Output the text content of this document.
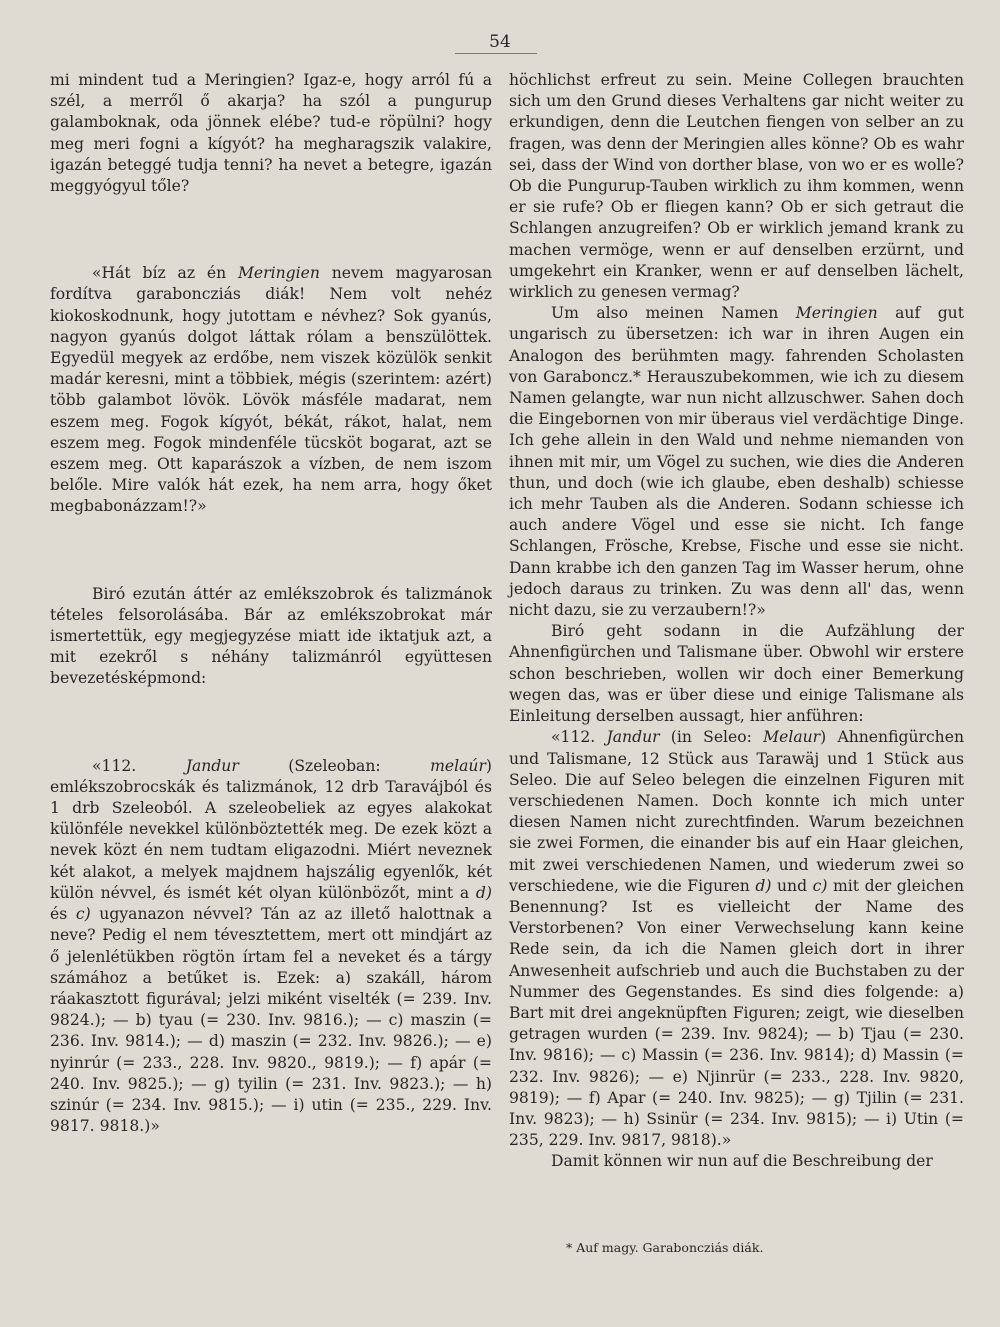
54

mi mindent tud a Meringien? Igaz-e, hogy arról fú a szél, a merről ő akarja? ha szól a pungurup galamboknak, oda jönnek elébe? tud-e röpülni? hogy meg meri fogni a kígyót? ha megharagszik valakire, igazán beteggé tudja tenni? ha nevet a betegre, igazán meggyógyul tőle?

«Hát bíz az én Meringien nevem magyarosan fordítva garaboncziás diák! Nem volt nehéz kiokoskodnunk, hogy jutottam e névhez? Sok gyanús, nagyon gyanús dolgot láttak rólam a benszülöttek. Egyedül megyek az erdőbe, nem viszek közülök senkit madár keresni, mint a többiek, mégis (szerintem: azért) több galambot lövök. Lövök másféle madarat, nem eszem meg. Fogok kígyót, békát, rákot, halat, nem eszem meg. Fogok mindenféle tücsköt bogarat, azt se eszem meg. Ott kaparászok a vízben, de nem iszom belőle. Mire valók hát ezek, ha nem arra, hogy őket megbabonázzam!?»

Biró ezután áttér az emlékszobrok és talizmánok tételes felsorolásába. Bár az emlékszobrokat már ismertettük, egy megjegyzése miatt ide iktatjuk azt, a mit ezekről s néhány talizmánról együttesen bevezetésképmond:

«112. Jandur (Szeleoban: melaúr) emlékszobrocskák és talizmánok, 12 drb Taravájból és 1 drb Szeleoból. A szeleobeliek az egyes alakokat különféle nevekkel különböztették meg. De ezek közt a nevek közt én nem tudtam eligazodni. Miért neveznek két alakot, a melyek majdnem hajszálig egyenlők, két külön névvel, és ismét két olyan különbözőt, mint a d) és c) ugyanazon névvel? Tán az az illető halottnak a neve? Pedig el nem tévesztettem, mert ott mindjárt az ő jelenlétükben rögtön írtam fel a neveket és a tárgy számához a betűket is. Ezek: a) szakáll, három ráakasztott figurával; jelzi miként viselték (= 239. Inv. 9824.); — b) tyau (= 230. Inv. 9816.); — c) maszin (= 236. Inv. 9814.); — d) maszin (= 232. Inv. 9826.); — e) nyinrúr (= 233., 228. Inv. 9820., 9819.); — f) apár (= 240. Inv. 9825.); — g) tyilin (= 231. Inv. 9823.); — h) szinúr (= 234. Inv. 9815.); — i) utin (= 235., 229. Inv. 9817. 9818.)»

höchlichst erfreut zu sein. Meine Collegen brauchten sich um den Grund dieses Verhaltens gar nicht weiter zu erkundigen, denn die Leutchen fiengen von selber an zu fragen, was denn der Meringien alles könne? Ob es wahr sei, dass der Wind von dorther blase, von wo er es wolle? Ob die Pungurup-Tauben wirklich zu ihm kommen, wenn er sie rufe? Ob er fliegen kann? Ob er sich getraut die Schlangen anzugreifen? Ob er wirklich jemand krank zu machen vermöge, wenn er auf denselben erzürnt, und umgekehrt ein Kranker, wenn er auf denselben lächelt, wirklich zu genesen vermag?

Um also meinen Namen Meringien auf gut ungarisch zu übersetzen: ich war in ihren Augen ein Analogon des berühmten magy. fahrenden Scholasten von Garaboncz.* Herauszubekommen, wie ich zu diesem Namen gelangte, war nun nicht allzuschwer. Sahen doch die Eingebornen von mir überaus viel verdächtige Dinge. Ich gehe allein in den Wald und nehme niemanden von ihnen mit mir, um Vögel zu suchen, wie dies die Anderen thun, und doch (wie ich glaube, eben deshalb) schiesse ich mehr Tauben als die Anderen. Sodann schiesse ich auch andere Vögel und esse sie nicht. Ich fange Schlangen, Frösche, Krebse, Fische und esse sie nicht. Dann krabbe ich den ganzen Tag im Wasser herum, ohne jedoch daraus zu trinken. Zu was denn all' das, wenn nicht dazu, sie zu verzaubern!?»

Biró geht sodann in die Aufzählung der Ahnenfigürchen und Talismane über. Obwohl wir erstere schon beschrieben, wollen wir doch einer Bemerkung wegen das, was er über diese und einige Talismane als Einleitung derselben aussagt, hier anführen:

«112. Jandur (in Seleo: Melaur) Ahnenfigürchen und Talismane, 12 Stück aus Tarawäj und 1 Stück aus Seleo. Die auf Seleo belegen die einzelnen Figuren mit verschiedenen Namen. Doch konnte ich mich unter diesen Namen nicht zurechtfinden. Warum bezeichnen sie zwei Formen, die einander bis auf ein Haar gleichen, mit zwei verschiedenen Namen, und wiederum zwei so verschiedene, wie die Figuren d) und c) mit der gleichen Benennung? Ist es vielleicht der Name des Verstorbenen? Von einer Verwechselung kann keine Rede sein, da ich die Namen gleich dort in ihrer Anwesenheit aufschrieb und auch die Buchstaben zu der Nummer des Gegenstandes. Es sind dies folgende: a) Bart mit drei angeknüpften Figuren; zeigt, wie dieselben getragen wurden (= 239. Inv. 9824); — b) Tjau (= 230. Inv. 9816); — c) Massin (= 236. Inv. 9814); d) Massin (= 232. Inv. 9826); — e) Njinrür (= 233., 228. Inv. 9820, 9819); — f) Apar (= 240. Inv. 9825); — g) Tjilin (= 231. Inv. 9823); — h) Ssinür (= 234. Inv. 9815); — i) Utin (= 235, 229. Inv. 9817, 9818).»

Damit können wir nun auf die Beschreibung der

* Auf magy. Garaboncziás diák.
